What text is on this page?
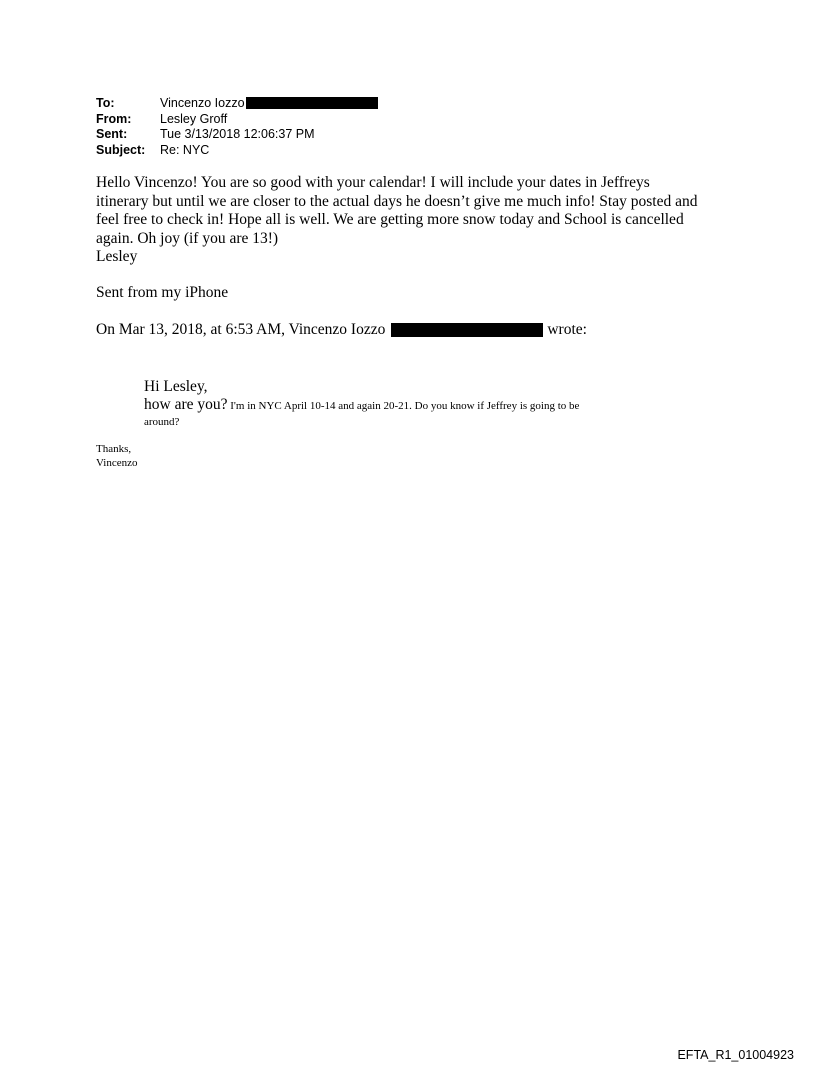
To:	Vincenzo Iozzo
From:	Lesley Groff
Sent:	Tue 3/13/2018 12:06:37 PM
Subject:	Re: NYC

Hello Vincenzo! You are so good with your calendar! I will include your dates in Jeffreys

itinerary but until we are closer to the actual days he doesn’t give me much info! Stay posted and

feel free to check in! Hope all is well. We are getting more snow today and School is cancelled

again. Oh joy (if you are 13!)

Lesley

Sent from my iPhone
On Mar 13, 2018, at 6:53 AM, Vincenzo Iozzo	wrote:
Hi Lesley,
how are you? I'm in NYC April 10-14 and again 20-21. Do you know if Jeffrey is going to be
around?
Thanks,
Vincenzo
EFTA_R1_01004923
